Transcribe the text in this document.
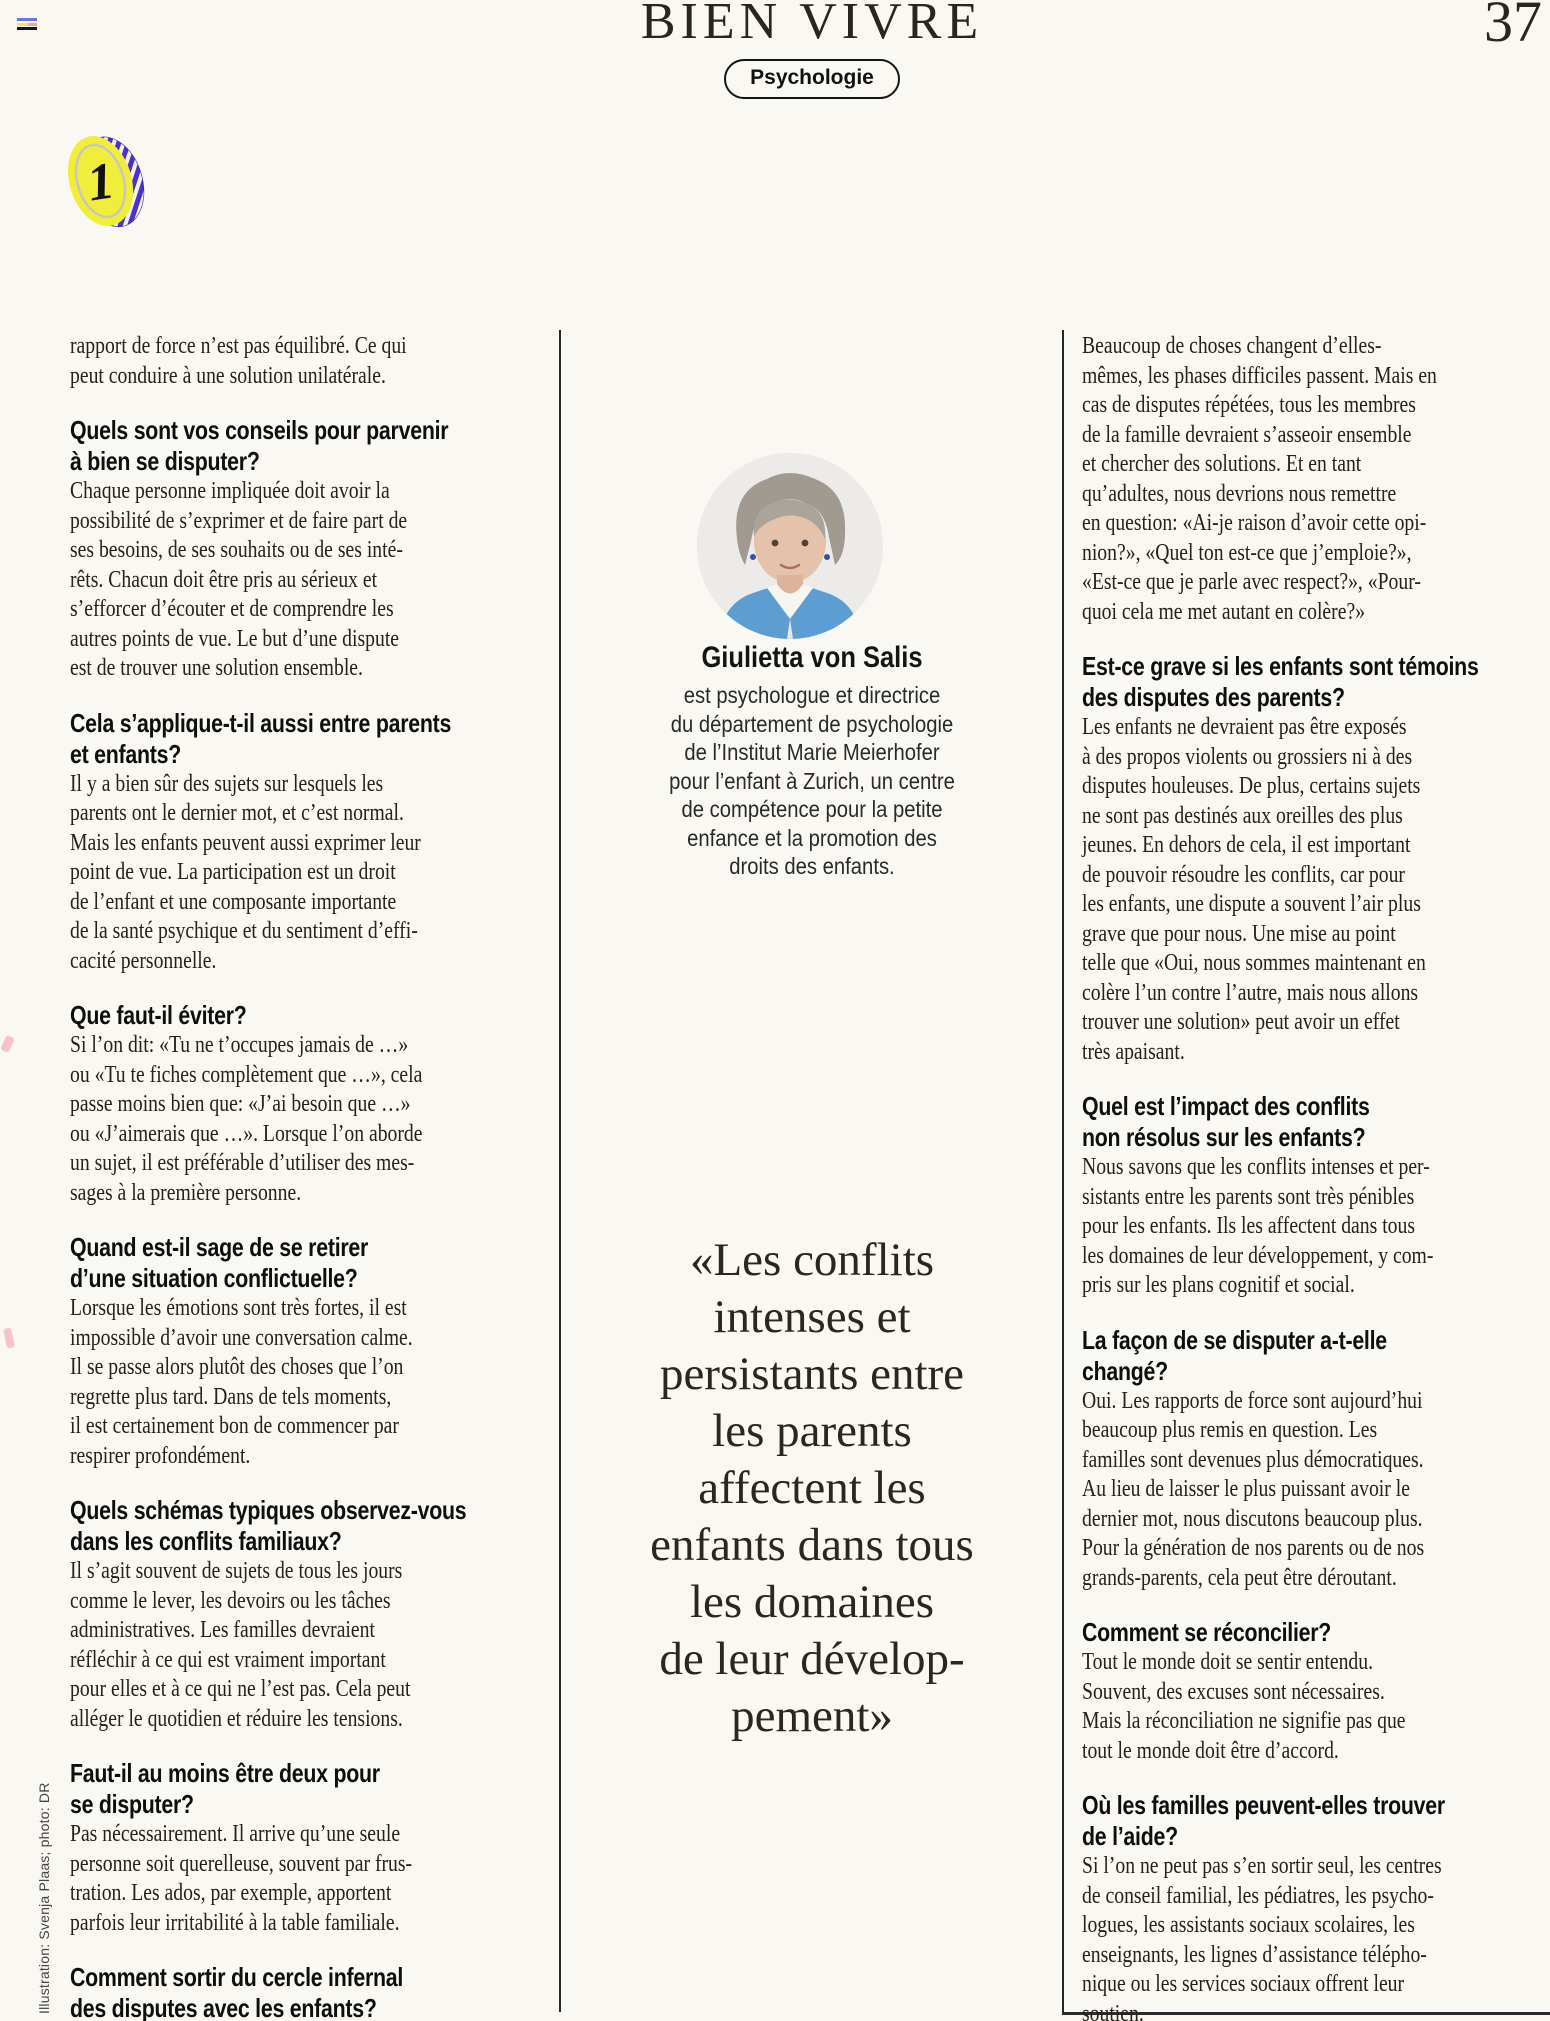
BIEN VIVRE	37
Psychologie
1
rapport de force n’est pas équilibré. Ce qui
peut conduire à une solution unilatérale.
Quels sont vos conseils pour parvenir
à bien se disputer?
Chaque personne impliquée doit avoir la
possibilité de s’exprimer et de faire part de
ses besoins, de ses souhaits ou de ses inté-
rêts. Chacun doit être pris au sérieux et
s’efforcer d’écouter et de comprendre les
autres points de vue. Le but d’une dispute
est de trouver une solution ensemble.
Cela s’applique-t-il aussi entre parents
et enfants?
Il y a bien sûr des sujets sur lesquels les
parents ont le dernier mot, et c’est normal.
Mais les enfants peuvent aussi exprimer leur
point de vue. La participation est un droit
de l’enfant et une composante importante
de la santé psychique et du sentiment d’effi-
cacité personnelle.
Que faut-il éviter?
Si l’on dit: «Tu ne t’occupes jamais de …»
ou «Tu te fiches complètement que …», cela
passe moins bien que: «J’ai besoin que …»
ou «J’aimerais que …». Lorsque l’on aborde
un sujet, il est préférable d’utiliser des mes-
sages à la première personne.
Quand est-il sage de se retirer
d’une situation conflictuelle?
Lorsque les émotions sont très fortes, il est
impossible d’avoir une conversation calme.
Il se passe alors plutôt des choses que l’on
regrette plus tard. Dans de tels moments,
il est certainement bon de commencer par
respirer profondément.
Quels schémas typiques observez-vous
dans les conflits familiaux?
Il s’agit souvent de sujets de tous les jours
comme le lever, les devoirs ou les tâches
administratives. Les familles devraient
réfléchir à ce qui est vraiment important
pour elles et à ce qui ne l’est pas. Cela peut
alléger le quotidien et réduire les tensions.
Faut-il au moins être deux pour
se disputer?
Pas nécessairement. Il arrive qu’une seule
personne soit querelleuse, souvent par frus-
tration. Les ados, par exemple, apportent
parfois leur irritabilité à la table familiale.
Comment sortir du cercle infernal
des disputes avec les enfants?
Giulietta von Salis
est psychologue et directrice
du département de psychologie
de l’Institut Marie Meierhofer
pour l’enfant à Zurich, un centre
de compétence pour la petite
enfance et la promotion des
droits des enfants.
«Les conflits
intenses et
persistants entre
les parents
affectent les
enfants dans tous
les domaines
de leur dévelop-
pement»
Beaucoup de choses changent d’elles-
mêmes, les phases difficiles passent. Mais en
cas de disputes répétées, tous les membres
de la famille devraient s’asseoir ensemble
et chercher des solutions. Et en tant
qu’adultes, nous devrions nous remettre
en question: «Ai-je raison d’avoir cette opi-
nion?», «Quel ton est-ce que j’emploie?»,
«Est-ce que je parle avec respect?», «Pour-
quoi cela me met autant en colère?»
Est-ce grave si les enfants sont témoins
des disputes des parents?
Les enfants ne devraient pas être exposés
à des propos violents ou grossiers ni à des
disputes houleuses. De plus, certains sujets
ne sont pas destinés aux oreilles des plus
jeunes. En dehors de cela, il est important
de pouvoir résoudre les conflits, car pour
les enfants, une dispute a souvent l’air plus
grave que pour nous. Une mise au point
telle que «Oui, nous sommes maintenant en
colère l’un contre l’autre, mais nous allons
trouver une solution» peut avoir un effet
très apaisant.
Quel est l’impact des conflits
non résolus sur les enfants?
Nous savons que les conflits intenses et per-
sistants entre les parents sont très pénibles
pour les enfants. Ils les affectent dans tous
les domaines de leur développement, y com-
pris sur les plans cognitif et social.
La façon de se disputer a-t-elle
changé?
Oui. Les rapports de force sont aujourd’hui
beaucoup plus remis en question. Les
familles sont devenues plus démocratiques.
Au lieu de laisser le plus puissant avoir le
dernier mot, nous discutons beaucoup plus.
Pour la génération de nos parents ou de nos
grands-parents, cela peut être déroutant.
Comment se réconcilier?
Tout le monde doit se sentir entendu.
Souvent, des excuses sont nécessaires.
Mais la réconciliation ne signifie pas que
tout le monde doit être d’accord.
Où les familles peuvent-elles trouver
de l’aide?
Si l’on ne peut pas s’en sortir seul, les centres
de conseil familial, les pédiatres, les psycho-
logues, les assistants sociaux scolaires, les
enseignants, les lignes d’assistance télépho-
nique ou les services sociaux offrent leur
soutien.
Illustration: Svenja Plaas; photo: DR
